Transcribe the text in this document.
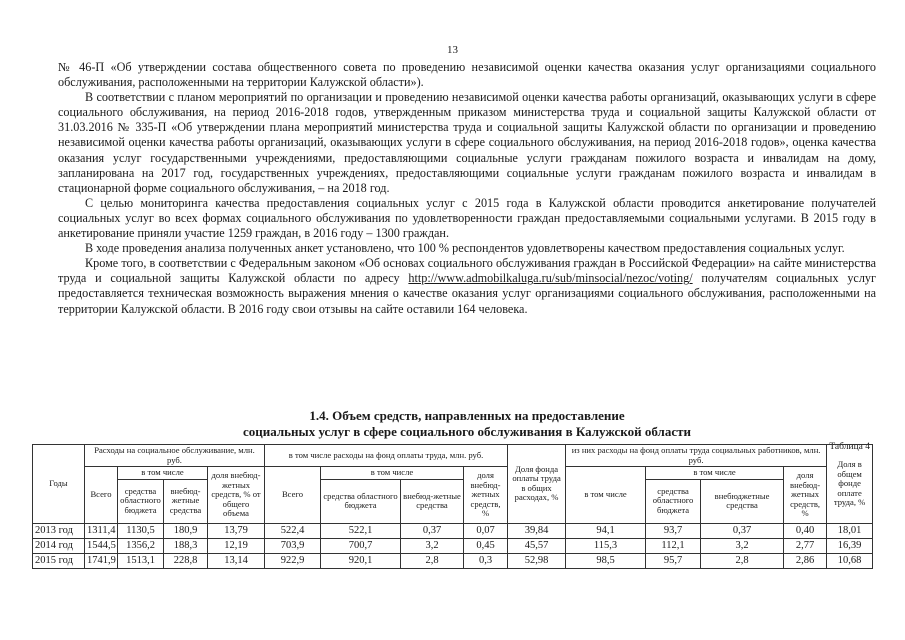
13

№ 46-П «Об утверждении состава общественного совета по проведению независимой оценки качества оказания услуг организациями социального обслуживания, расположенными на территории Калужской области»).

В соответствии с планом мероприятий по организации и проведению независимой оценки качества работы организаций, оказывающих услуги в сфере социального обслуживания, на период 2016-2018 годов, утвержденным приказом министерства труда и социальной защиты Калужской области от 31.03.2016 № 335-П «Об утверждении плана мероприятий министерства труда и социальной защиты Калужской области по организации и проведению независимой оценки качества работы организаций, оказывающих услуги в сфере социального обслуживания, на период 2016-2018 годов», оценка качества оказания услуг государственными учреждениями, предоставляющими социальные услуги гражданам пожилого возраста и инвалидам на дому, запланирована на 2017 год, государственных учреждениях, предоставляющими социальные услуги гражданам пожилого возраста и инвалидам в стационарной форме социального обслуживания, – на 2018 год.

С целью мониторинга качества предоставления социальных услуг с 2015 года в Калужской области проводится анкетирование получателей социальных услуг во всех формах социального обслуживания по удовлетворенности граждан предоставляемыми социальными услугами. В 2015 году в анкетирование приняли участие 1259 граждан, в 2016 году – 1300 граждан.

В ходе проведения анализа полученных анкет установлено, что 100 % респондентов удовлетворены качеством предоставления социальных услуг.

Кроме того, в соответствии с Федеральным законом «Об основах социального обслуживания граждан в Российской Федерации» на сайте министерства труда и социальной защиты Калужской области по адресу http://www.admobilkaluga.ru/sub/minsocial/nezoc/voting/ получателям социальных услуг предоставляется техническая возможность выражения мнения о качестве оказания услуг организациями социального обслуживания, расположенными на территории Калужской области. В 2016 году свои отзывы на сайте оставили 164 человека.

1.4. Объем средств, направленных на предоставление
социальных услуг в сфере социального обслуживания в Калужской области
Таблица 4
Годы	Расходы на социальное обслуживание, млн. руб.				в том числе расходы на фонд оплаты труда, млн. руб.				Доля фонда оплаты труда в общих расходах, %	из них расходы на фонд оплаты труда социальных работников, млн. руб.				Доля в общем фонде оплате труда, %
	Всего	в том числе		доля внебюд-жетных средств, % от общего объема	Всего	в том числе		доля внебюд-жетных средств, %		в том числе	в том числе		доля внебюд-жетных средств, %	
		средства областного бюджета	внебюд-жетные средства			средства областного бюджета	внебюд-жетные средства				средства областного бюджета	внебюджетные средства		
2013 год	1311,4	1130,5	180,9	13,79	522,4	522,1	0,37	0,07	39,84	94,1	93,7	0,37	0,40	18,01
2014 год	1544,5	1356,2	188,3	12,19	703,9	700,7	3,2	0,45	45,57	115,3	112,1	3,2	2,77	16,39
2015 год	1741,9	1513,1	228,8	13,14	922,9	920,1	2,8	0,3	52,98	98,5	95,7	2,8	2,86	10,68
